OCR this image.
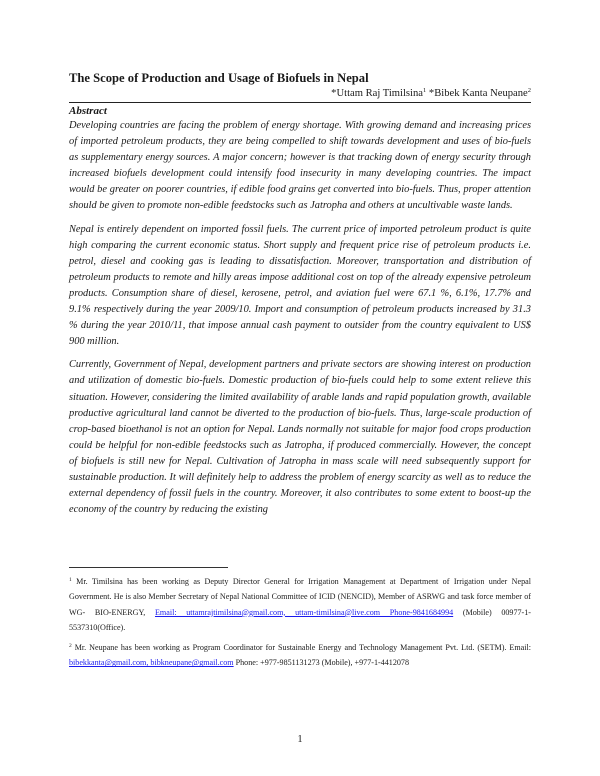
The Scope of Production and Usage of Biofuels in Nepal
*Uttam Raj Timilsina$^1$ *Bibek Kanta Neupane$^2$
Abstract

Developing countries are facing the problem of energy shortage. With growing demand and increasing prices of imported petroleum products, they are being compelled to shift towards development and uses of bio-fuels as supplementary energy sources. A major concern; however is that tracking down of energy security through increased biofuels development could intensify food insecurity in many developing countries. The impact would be greater on poorer countries, if edible food grains get converted into bio-fuels. Thus, proper attention should be given to promote non-edible feedstocks such as Jatropha and others at uncultivable waste lands.

Nepal is entirely dependent on imported fossil fuels. The current price of imported petroleum product is quite high comparing the current economic status. Short supply and frequent price rise of petroleum products i.e. petrol, diesel and cooking gas is leading to dissatisfaction. Moreover, transportation and distribution of petroleum products to remote and hilly areas impose additional cost on top of the already expensive petroleum products. Consumption share of diesel, kerosene, petrol, and aviation fuel were 67.1 %, 6.1%, 17.7% and 9.1% respectively during the year 2009/10. Import and consumption of petroleum products increased by 31.3 % during the year 2010/11, that impose annual cash payment to outsider from the country equivalent to US$ 900 million.

Currently, Government of Nepal, development partners and private sectors are showing interest on production and utilization of domestic bio-fuels. Domestic production of bio-fuels could help to some extent relieve this situation. However, considering the limited availability of arable lands and rapid population growth, available productive agricultural land cannot be diverted to the production of bio-fuels. Thus, large-scale production of crop-based bioethanol is not an option for Nepal. Lands normally not suitable for major food crops production could be helpful for non-edible feedstocks such as Jatropha, if produced commercially. However, the concept of biofuels is still new for Nepal. Cultivation of Jatropha in mass scale will need subsequently support for sustainable production. It will definitely help to address the problem of energy scarcity as well as to reduce the external dependency of fossil fuels in the country. Moreover, it also contributes to some extent to boost-up the economy of the country by reducing the existing

$^1$ Mr. Timilsina has been working as Deputy Director General for Irrigation Management at Department of Irrigation under Nepal Government. He is also Member Secretary of Nepal National Committee of ICID (NENCID), Member of ASRWG and task force member of WG- BIO-ENERGY, Email: uttamrajtimilsina@gmail.com, uttam-timilsina@live.com Phone-9841684994 (Mobile) 00977-1-5537310(Office).
$^2$ Mr. Neupane has been working as Program Coordinator for Sustainable Energy and Technology Management Pvt. Ltd. (SETM). Email: bibekkanta@gmail.com, bibkneupane@gmail.com Phone: +977-9851131273 (Mobile), +977-1-4412078
1
